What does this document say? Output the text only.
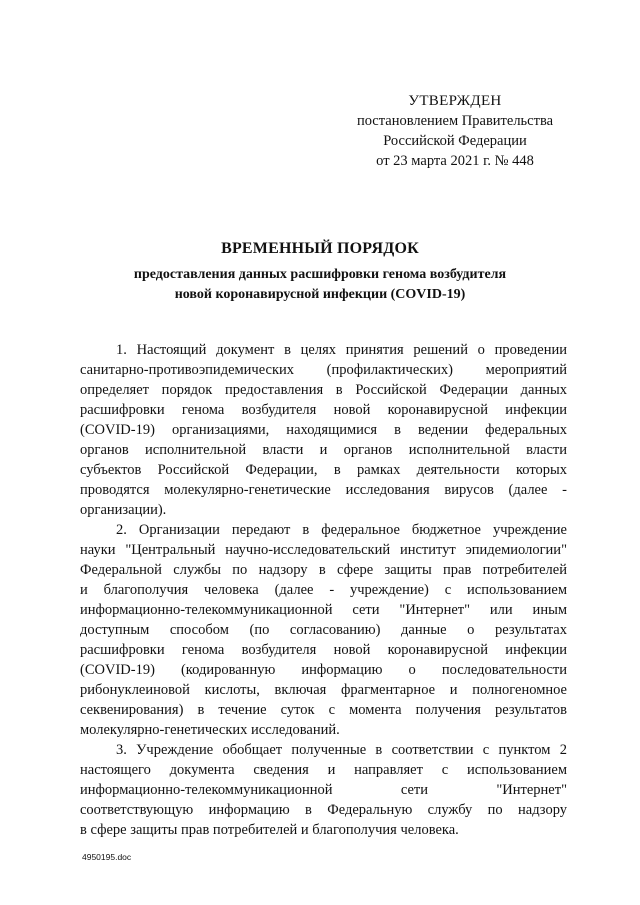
УТВЕРЖДЕН
постановлением Правительства
Российской Федерации
от 23 марта 2021 г. № 448
ВРЕМЕННЫЙ ПОРЯДОК
предоставления данных расшифровки генома возбудителя
новой коронавирусной инфекции (COVID-19)
1. Настоящий документ в целях принятия решений о проведении
санитарно-противоэпидемических (профилактических) мероприятий
определяет порядок предоставления в Российской Федерации данных
расшифровки генома возбудителя новой коронавирусной инфекции
(COVID-19) организациями, находящимися в ведении федеральных
органов исполнительной власти и органов исполнительной власти
субъектов Российской Федерации, в рамках деятельности которых
проводятся молекулярно-генетические исследования вирусов (далее -
организации).
2. Организации передают в федеральное бюджетное учреждение
науки "Центральный научно-исследовательский институт эпидемиологии"
Федеральной службы по надзору в сфере защиты прав потребителей
и благополучия человека (далее - учреждение) с использованием
информационно-телекоммуникационной сети "Интернет" или иным
доступным способом (по согласованию) данные о результатах
расшифровки генома возбудителя новой коронавирусной инфекции
(COVID-19) (кодированную информацию о последовательности
рибонуклеиновой кислоты, включая фрагментарное и полногеномное
секвенирования) в течение суток с момента получения результатов
молекулярно-генетических исследований.
3. Учреждение обобщает полученные в соответствии с пунктом 2
настоящего документа сведения и направляет с использованием
информационно-телекоммуникационной сети "Интернет"
соответствующую информацию в Федеральную службу по надзору
в сфере защиты прав потребителей и благополучия человека.
4950195.doc
